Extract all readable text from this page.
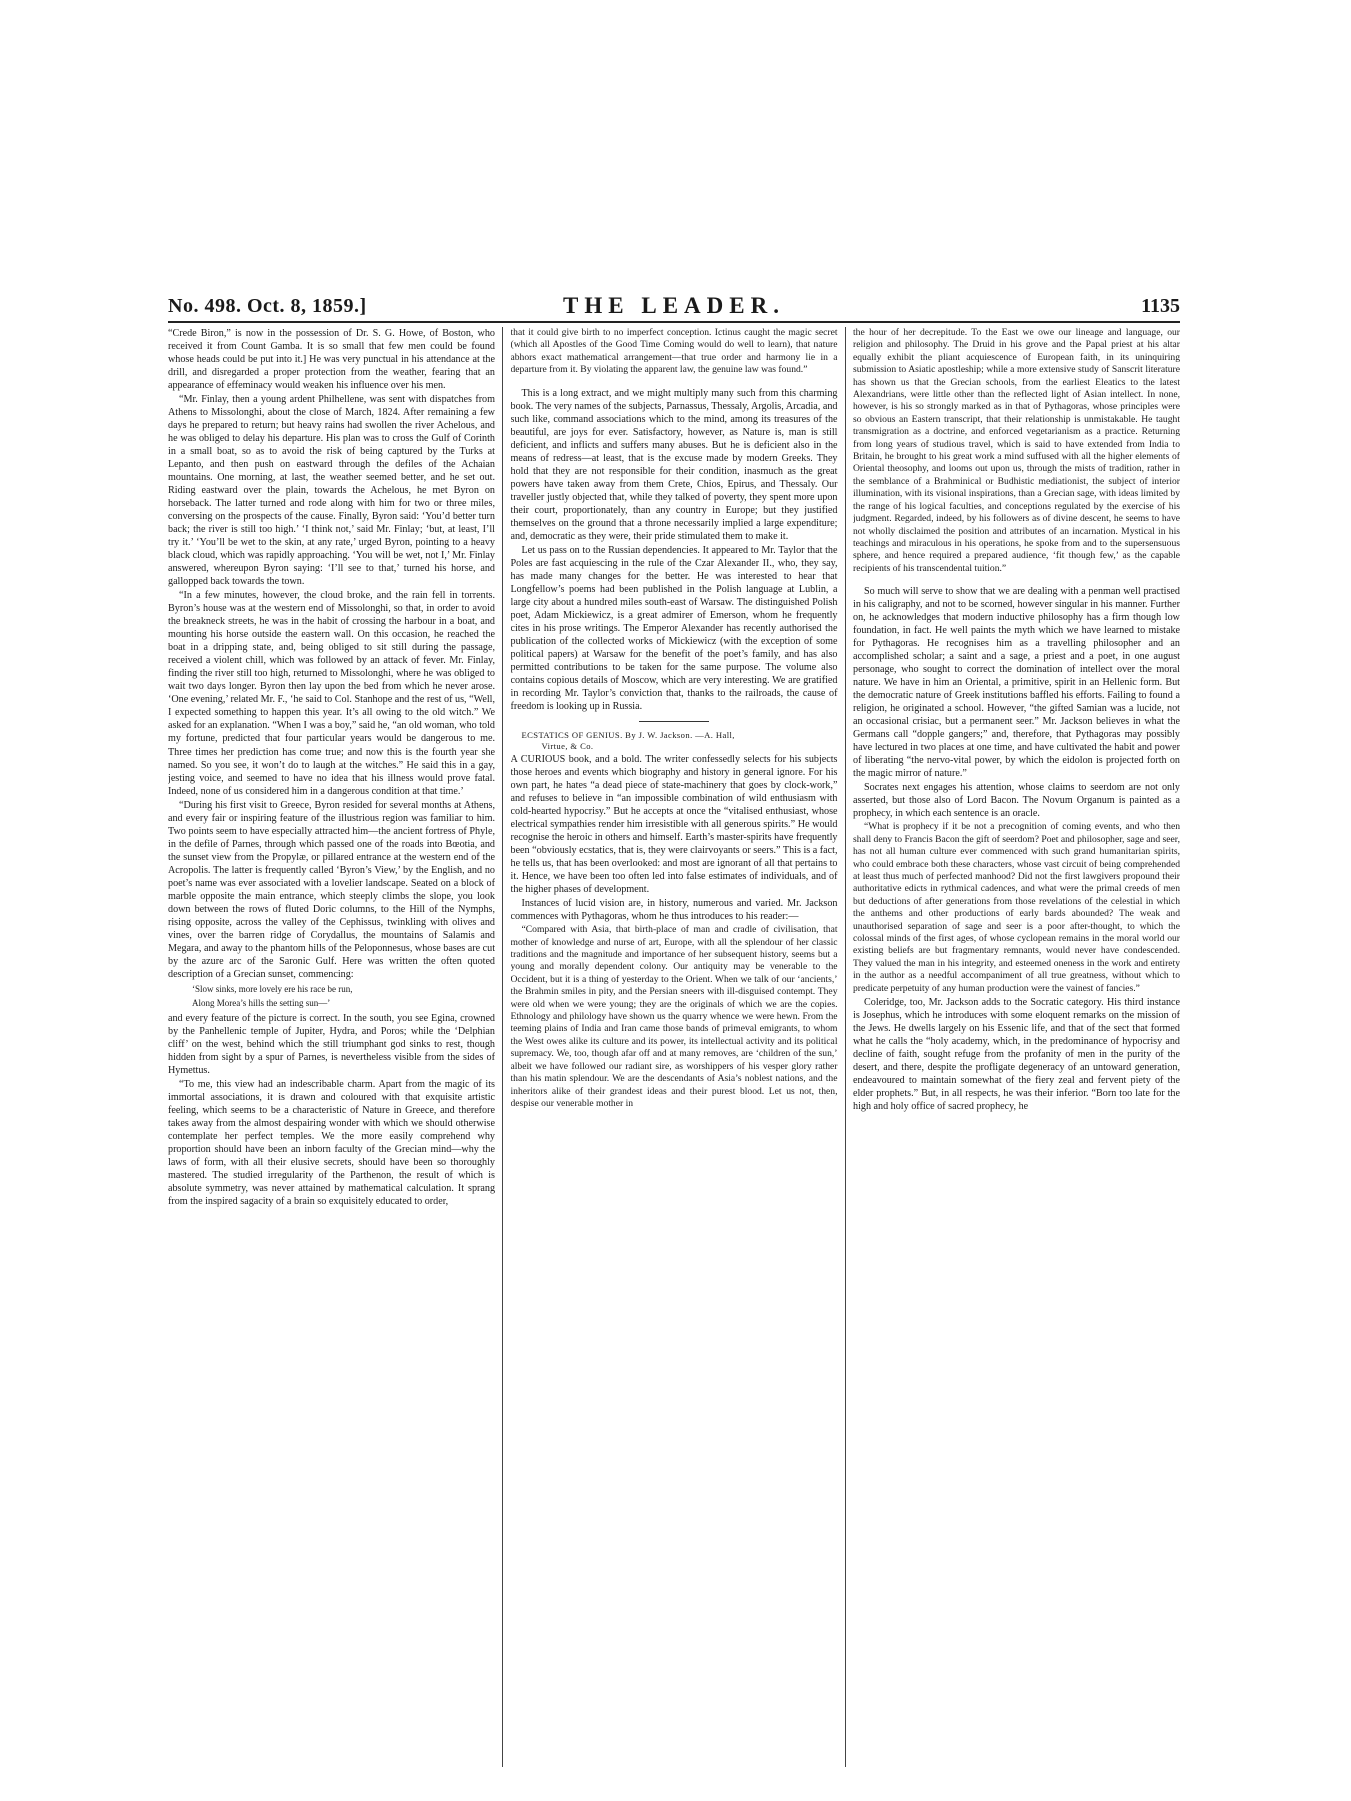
No. 498. Oct. 8, 1859.]	THE LEADER.	1135

“Crede Biron,” is now in the possession of Dr. S. G. Howe, of Boston, who received it from Count Gamba. It is so small that few men could be found whose heads could be put into it.] He was very punctual in his attendance at the drill, and disregarded a proper protection from the weather, fearing that an appearance of effeminacy would weaken his influence over his men.

“Mr. Finlay, then a young ardent Philhellene, was sent with dispatches from Athens to Missolonghi, about the close of March, 1824. After remaining a few days he prepared to return; but heavy rains had swollen the river Achelous, and he was obliged to delay his departure. His plan was to cross the Gulf of Corinth in a small boat, so as to avoid the risk of being captured by the Turks at Lepanto, and then push on eastward through the defiles of the Achaian mountains. One morning, at last, the weather seemed better, and he set out. Riding eastward over the plain, towards the Achelous, he met Byron on horseback. The latter turned and rode along with him for two or three miles, conversing on the prospects of the cause. Finally, Byron said: ‘You’d better turn back; the river is still too high.’ ‘I think not,’ said Mr. Finlay; ‘but, at least, I’ll try it.’ ‘You’ll be wet to the skin, at any rate,’ urged Byron, pointing to a heavy black cloud, which was rapidly approaching. ‘You will be wet, not I,’ Mr. Finlay answered, whereupon Byron saying: ‘I’ll see to that,’ turned his horse, and gallopped back towards the town.

“In a few minutes, however, the cloud broke, and the rain fell in torrents. Byron’s house was at the western end of Missolonghi, so that, in order to avoid the breakneck streets, he was in the habit of crossing the harbour in a boat, and mounting his horse outside the eastern wall. On this occasion, he reached the boat in a dripping state, and, being obliged to sit still during the passage, received a violent chill, which was followed by an attack of fever. Mr. Finlay, finding the river still too high, returned to Missolonghi, where he was obliged to wait two days longer. Byron then lay upon the bed from which he never arose. ‘One evening,’ related Mr. F., ‘he said to Col. Stanhope and the rest of us, “Well, I expected something to happen this year. It’s all owing to the old witch.” We asked for an explanation. “When I was a boy,” said he, “an old woman, who told my fortune, predicted that four particular years would be dangerous to me. Three times her prediction has come true; and now this is the fourth year she named. So you see, it won’t do to laugh at the witches.” He said this in a gay, jesting voice, and seemed to have no idea that his illness would prove fatal. Indeed, none of us considered him in a dangerous condition at that time.’

“During his first visit to Greece, Byron resided for several months at Athens, and every fair or inspiring feature of the illustrious region was familiar to him. Two points seem to have especially attracted him—the ancient fortress of Phyle, in the defile of Parnes, through which passed one of the roads into Bœotia, and the sunset view from the Propylæ, or pillared entrance at the western end of the Acropolis. The latter is frequently called ‘Byron’s View,’ by the English, and no poet’s name was ever associated with a lovelier landscape. Seated on a block of marble opposite the main entrance, which steeply climbs the slope, you look down between the rows of fluted Doric columns, to the Hill of the Nymphs, rising opposite, across the valley of the Cephissus, twinkling with olives and vines, over the barren ridge of Corydallus, the mountains of Salamis and Megara, and away to the phantom hills of the Peloponnesus, whose bases are cut by the azure arc of the Saronic Gulf. Here was written the often quoted description of a Grecian sunset, commencing:

‘Slow sinks, more lovely ere his race be run,

Along Morea’s hills the setting sun—’

and every feature of the picture is correct. In the south, you see Egina, crowned by the Panhellenic temple of Jupiter, Hydra, and Poros; while the ‘Delphian cliff’ on the west, behind which the still triumphant god sinks to rest, though hidden from sight by a spur of Parnes, is nevertheless visible from the sides of Hymettus.

“To me, this view had an indescribable charm. Apart from the magic of its immortal associations, it is drawn and coloured with that exquisite artistic feeling, which seems to be a characteristic of Nature in Greece, and therefore takes away from the almost despairing wonder with which we should otherwise contemplate her perfect temples. We the more easily comprehend why proportion should have been an inborn faculty of the Grecian mind—why the laws of form, with all their elusive secrets, should have been so thoroughly mastered. The studied irregularity of the Parthenon, the result of which is absolute symmetry, was never attained by mathematical calculation. It sprang from the inspired sagacity of a brain so exquisitely educated to order,

that it could give birth to no imperfect conception. Ictinus caught the magic secret (which all Apostles of the Good Time Coming would do well to learn), that nature abhors exact mathematical arrangement—that true order and harmony lie in a departure from it. By violating the apparent law, the genuine law was found.”

This is a long extract, and we might multiply many such from this charming book. The very names of the subjects, Parnassus, Thessaly, Argolis, Arcadia, and such like, command associations which to the mind, among its treasures of the beautiful, are joys for ever. Satisfactory, however, as Nature is, man is still deficient, and inflicts and suffers many abuses. But he is deficient also in the means of redress—at least, that is the excuse made by modern Greeks. They hold that they are not responsible for their condition, inasmuch as the great powers have taken away from them Crete, Chios, Epirus, and Thessaly. Our traveller justly objected that, while they talked of poverty, they spent more upon their court, proportionately, than any country in Europe; but they justified themselves on the ground that a throne necessarily implied a large expenditure; and, democratic as they were, their pride stimulated them to make it.

Let us pass on to the Russian dependencies. It appeared to Mr. Taylor that the Poles are fast acquiescing in the rule of the Czar Alexander II., who, they say, has made many changes for the better. He was interested to hear that Longfellow’s poems had been published in the Polish language at Lublin, a large city about a hundred miles south-east of Warsaw. The distinguished Polish poet, Adam Mickiewicz, is a great admirer of Emerson, whom he frequently cites in his prose writings. The Emperor Alexander has recently authorised the publication of the collected works of Mickiewicz (with the exception of some political papers) at Warsaw for the benefit of the poet’s family, and has also permitted contributions to be taken for the same purpose. The volume also contains copious details of Moscow, which are very interesting. We are gratified in recording Mr. Taylor’s conviction that, thanks to the railroads, the cause of freedom is looking up in Russia.

ECSTATICS OF GENIUS. By J. W. Jackson. —A. Hall,
Virtue, & Co.

A CURIOUS book, and a bold. The writer confessedly selects for his subjects those heroes and events which biography and history in general ignore. For his own part, he hates “a dead piece of state-machinery that goes by clock-work,” and refuses to believe in “an impossible combination of wild enthusiasm with cold-hearted hypocrisy.” But he accepts at once the “vitalised enthusiast, whose electrical sympathies render him irresistible with all generous spirits.” He would recognise the heroic in others and himself. Earth’s master-spirits have frequently been “obviously ecstatics, that is, they were clairvoyants or seers.” This is a fact, he tells us, that has been overlooked: and most are ignorant of all that pertains to it. Hence, we have been too often led into false estimates of individuals, and of the higher phases of development.

Instances of lucid vision are, in history, numerous and varied. Mr. Jackson commences with Pythagoras, whom he thus introduces to his reader:—

“Compared with Asia, that birth-place of man and cradle of civilisation, that mother of knowledge and nurse of art, Europe, with all the splendour of her classic traditions and the magnitude and importance of her subsequent history, seems but a young and morally dependent colony. Our antiquity may be venerable to the Occident, but it is a thing of yesterday to the Orient. When we talk of our ‘ancients,’ the Brahmin smiles in pity, and the Persian sneers with ill-disguised contempt. They were old when we were young; they are the originals of which we are the copies. Ethnology and philology have shown us the quarry whence we were hewn. From the teeming plains of India and Iran came those bands of primeval emigrants, to whom the West owes alike its culture and its power, its intellectual activity and its political supremacy. We, too, though afar off and at many removes, are ‘children of the sun,’ albeit we have followed our radiant sire, as worshippers of his vesper glory rather than his matin splendour. We are the descendants of Asia’s noblest nations, and the inheritors alike of their grandest ideas and their purest blood. Let us not, then, despise our venerable mother in

the hour of her decrepitude. To the East we owe our lineage and language, our religion and philosophy. The Druid in his grove and the Papal priest at his altar equally exhibit the pliant acquiescence of European faith, in its uninquiring submission to Asiatic apostleship; while a more extensive study of Sanscrit literature has shown us that the Grecian schools, from the earliest Eleatics to the latest Alexandrians, were little other than the reflected light of Asian intellect. In none, however, is his so strongly marked as in that of Pythagoras, whose principles were so obvious an Eastern transcript, that their relationship is unmistakable. He taught transmigration as a doctrine, and enforced vegetarianism as a practice. Returning from long years of studious travel, which is said to have extended from India to Britain, he brought to his great work a mind suffused with all the higher elements of Oriental theosophy, and looms out upon us, through the mists of tradition, rather in the semblance of a Brahminical or Budhistic mediationist, the subject of interior illumination, with its visional inspirations, than a Grecian sage, with ideas limited by the range of his logical faculties, and conceptions regulated by the exercise of his judgment. Regarded, indeed, by his followers as of divine descent, he seems to have not wholly disclaimed the position and attributes of an incarnation. Mystical in his teachings and miraculous in his operations, he spoke from and to the supersensuous sphere, and hence required a prepared audience, ‘fit though few,’ as the capable recipients of his transcendental tuition.”

So much will serve to show that we are dealing with a penman well practised in his caligraphy, and not to be scorned, however singular in his manner. Further on, he acknowledges that modern inductive philosophy has a firm though low foundation, in fact. He well paints the myth which we have learned to mistake for Pythagoras. He recognises him as a travelling philosopher and an accomplished scholar; a saint and a sage, a priest and a poet, in one august personage, who sought to correct the domination of intellect over the moral nature. We have in him an Oriental, a primitive, spirit in an Hellenic form. But the democratic nature of Greek institutions baffled his efforts. Failing to found a religion, he originated a school. However, “the gifted Samian was a lucide, not an occasional crisiac, but a permanent seer.” Mr. Jackson believes in what the Germans call “dopple gangers;” and, therefore, that Pythagoras may possibly have lectured in two places at one time, and have cultivated the habit and power of liberating “the nervo-vital power, by which the eidolon is projected forth on the magic mirror of nature.”

Socrates next engages his attention, whose claims to seerdom are not only asserted, but those also of Lord Bacon. The Novum Organum is painted as a prophecy, in which each sentence is an oracle.

“What is prophecy if it be not a precognition of coming events, and who then shall deny to Francis Bacon the gift of seerdom? Poet and philosopher, sage and seer, has not all human culture ever commenced with such grand humanitarian spirits, who could embrace both these characters, whose vast circuit of being comprehended at least thus much of perfected manhood? Did not the first lawgivers propound their authoritative edicts in rythmical cadences, and what were the primal creeds of men but deductions of after generations from those revelations of the celestial in which the anthems and other productions of early bards abounded? The weak and unauthorised separation of sage and seer is a poor after-thought, to which the colossal minds of the first ages, of whose cyclopean remains in the moral world our existing beliefs are but fragmentary remnants, would never have condescended. They valued the man in his integrity, and esteemed oneness in the work and entirety in the author as a needful accompaniment of all true greatness, without which to predicate perpetuity of any human production were the vainest of fancies.”

Coleridge, too, Mr. Jackson adds to the Socratic category. His third instance is Josephus, which he introduces with some eloquent remarks on the mission of the Jews. He dwells largely on his Essenic life, and that of the sect that formed what he calls the “holy academy, which, in the predominance of hypocrisy and decline of faith, sought refuge from the profanity of men in the purity of the desert, and there, despite the profligate degeneracy of an untoward generation, endeavoured to maintain somewhat of the fiery zeal and fervent piety of the elder prophets.” But, in all respects, he was their inferior. “Born too late for the high and holy office of sacred prophecy, he
